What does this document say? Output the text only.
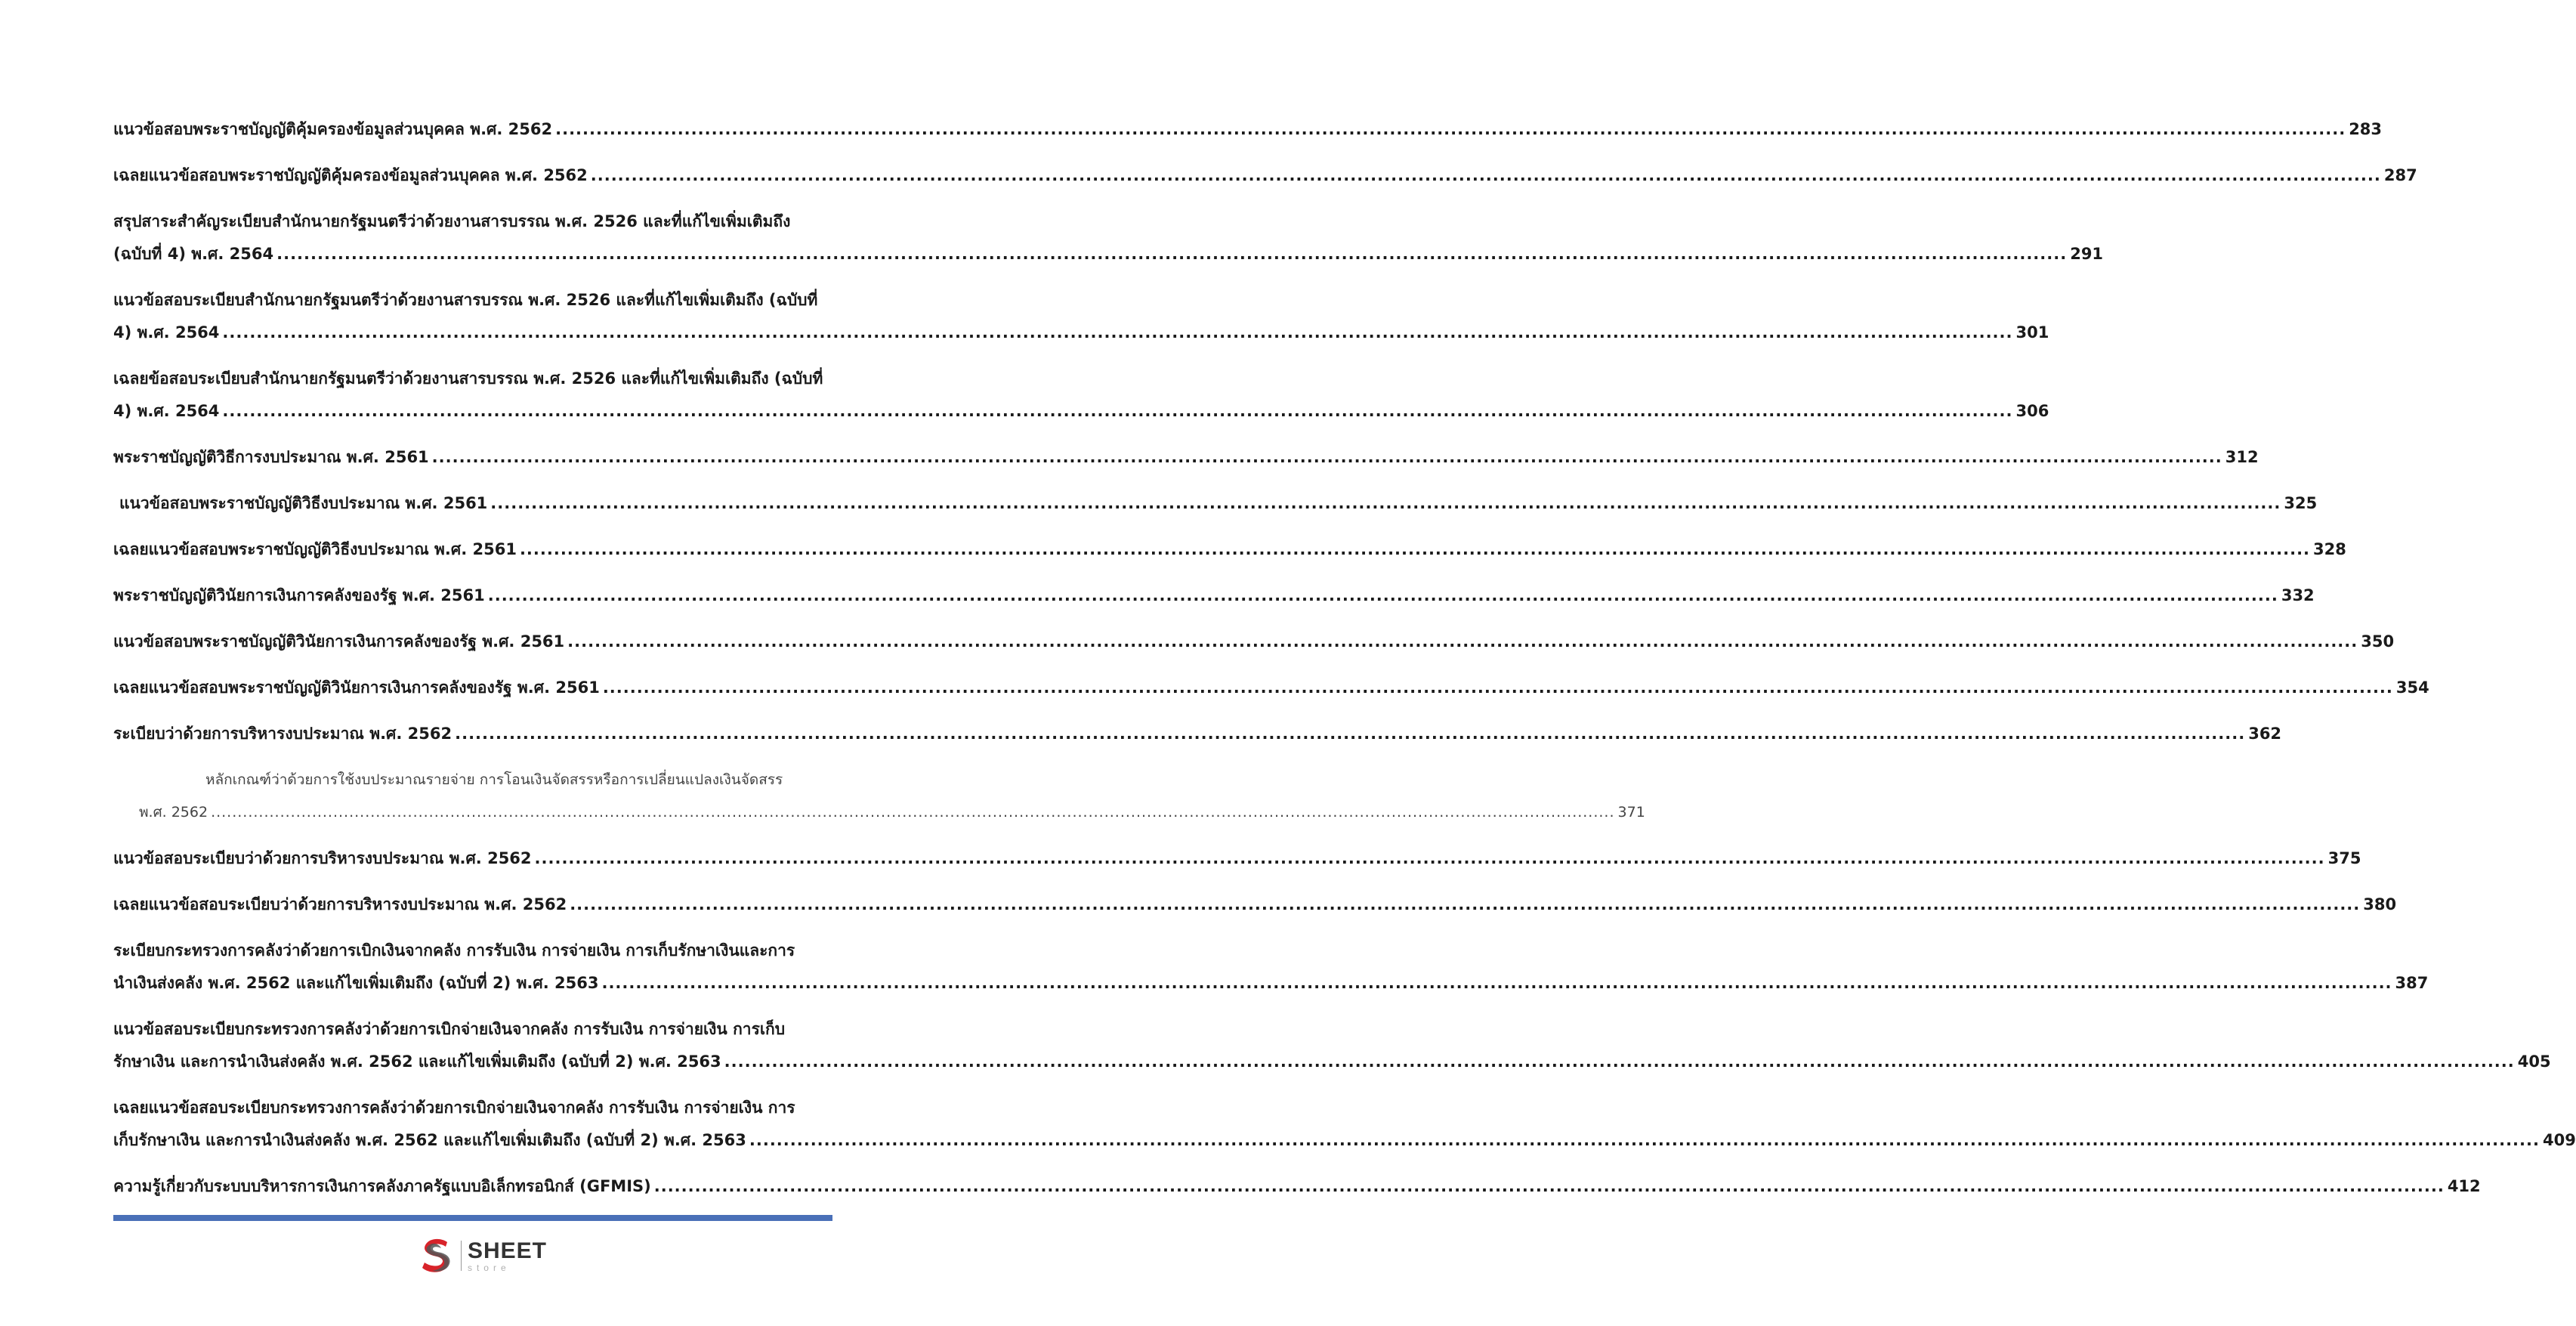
แนวข้อสอบพระราชบัญญัติคุ้มครองข้อมูลส่วนบุคคล พ.ศ. 2562 .....	283
เฉลยแนวข้อสอบพระราชบัญญัติคุ้มครองข้อมูลส่วนบุคคล พ.ศ. 2562 .....	287
สรุปสาระสำคัญระเบียบสำนักนายกรัฐมนตรีว่าด้วยงานสารบรรณ พ.ศ. 2526 และที่แก้ไขเพิ่มเติมถึง
(ฉบับที่ 4) พ.ศ. 2564 .....	291
แนวข้อสอบระเบียบสำนักนายกรัฐมนตรีว่าด้วยงานสารบรรณ พ.ศ. 2526 และที่แก้ไขเพิ่มเติมถึง (ฉบับที่
4) พ.ศ. 2564 .....	301
เฉลยข้อสอบระเบียบสำนักนายกรัฐมนตรีว่าด้วยงานสารบรรณ พ.ศ. 2526 และที่แก้ไขเพิ่มเติมถึง (ฉบับที่
4) พ.ศ. 2564 .....	306
พระราชบัญญัติวิธีการงบประมาณ พ.ศ. 2561 .....	312
แนวข้อสอบพระราชบัญญัติวิธีงบประมาณ พ.ศ. 2561 .....	325
เฉลยแนวข้อสอบพระราชบัญญัติวิธีงบประมาณ พ.ศ. 2561 .....	328
พระราชบัญญัติวินัยการเงินการคลังของรัฐ พ.ศ. 2561 .....	332
แนวข้อสอบพระราชบัญญัติวินัยการเงินการคลังของรัฐ พ.ศ. 2561 .....	350
เฉลยแนวข้อสอบพระราชบัญญัติวินัยการเงินการคลังของรัฐ พ.ศ. 2561 .....	354
ระเบียบว่าด้วยการบริหารงบประมาณ พ.ศ. 2562 .....	362
หลักเกณฑ์ว่าด้วยการใช้งบประมาณรายจ่าย การโอนเงินจัดสรรหรือการเปลี่ยนแปลงเงินจัดสรร
พ.ศ. 2562 .....	371
แนวข้อสอบระเบียบว่าด้วยการบริหารงบประมาณ พ.ศ. 2562 .....	375
เฉลยแนวข้อสอบระเบียบว่าด้วยการบริหารงบประมาณ พ.ศ. 2562 .....	380
ระเบียบกระทรวงการคลังว่าด้วยการเบิกเงินจากคลัง การรับเงิน การจ่ายเงิน การเก็บรักษาเงินและการ
นำเงินส่งคลัง พ.ศ. 2562 และแก้ไขเพิ่มเติมถึง (ฉบับที่ 2) พ.ศ. 2563 .....	387
แนวข้อสอบระเบียบกระทรวงการคลังว่าด้วยการเบิกจ่ายเงินจากคลัง การรับเงิน การจ่ายเงิน การเก็บ
รักษาเงิน และการนำเงินส่งคลัง พ.ศ. 2562 และแก้ไขเพิ่มเติมถึง (ฉบับที่ 2) พ.ศ. 2563 .....	405
เฉลยแนวข้อสอบระเบียบกระทรวงการคลังว่าด้วยการเบิกจ่ายเงินจากคลัง การรับเงิน การจ่ายเงิน การ
เก็บรักษาเงิน และการนำเงินส่งคลัง พ.ศ. 2562 และแก้ไขเพิ่มเติมถึง (ฉบับที่ 2) พ.ศ. 2563 .....	409
ความรู้เกี่ยวกับระบบบริหารการเงินการคลังภาครัฐแบบอิเล็กทรอนิกส์ (GFMIS) .....	412
SHEET
store
